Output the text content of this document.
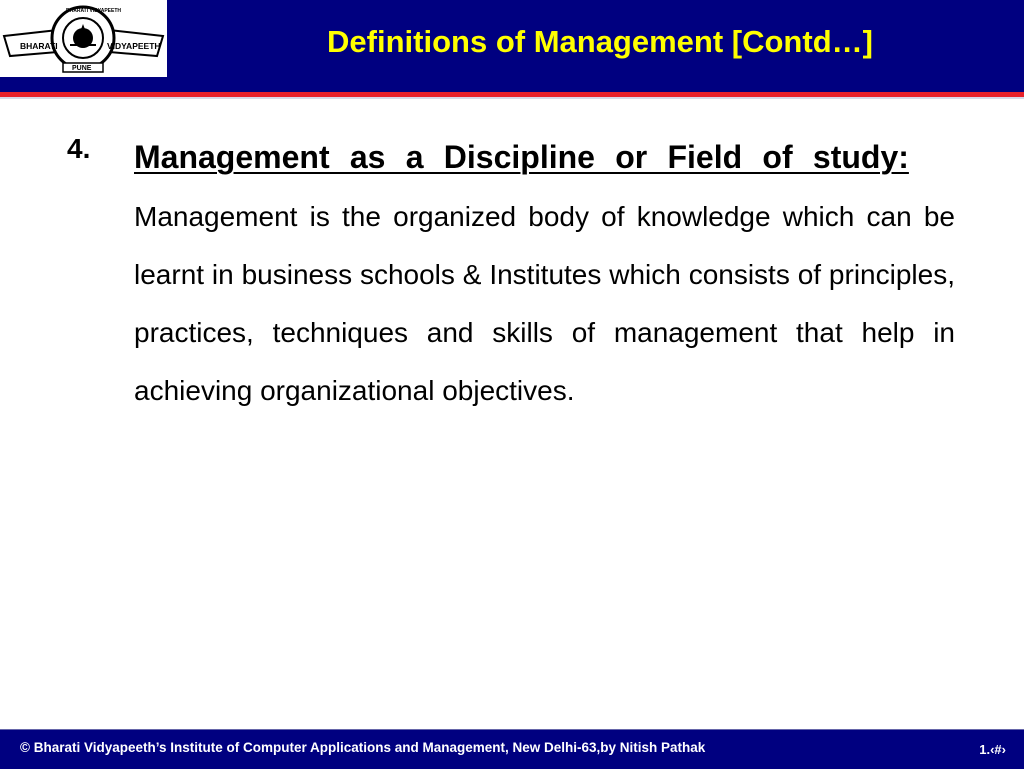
BHARATI	VIDYAPEETH
PUNE
BHARATI VIDYAPEETH
Definitions of Management [Contd…]
4. Management as a Discipline or Field of study:    Management is the organized body of knowledge which can be learnt in business schools & Institutes which consists of principles, practices, techniques and skills of management that help in achieving organizational objectives.
© Bharati Vidyapeeth’s Institute of Computer Applications and Management, New Delhi-63,by Nitish Pathak	1.‹#›
